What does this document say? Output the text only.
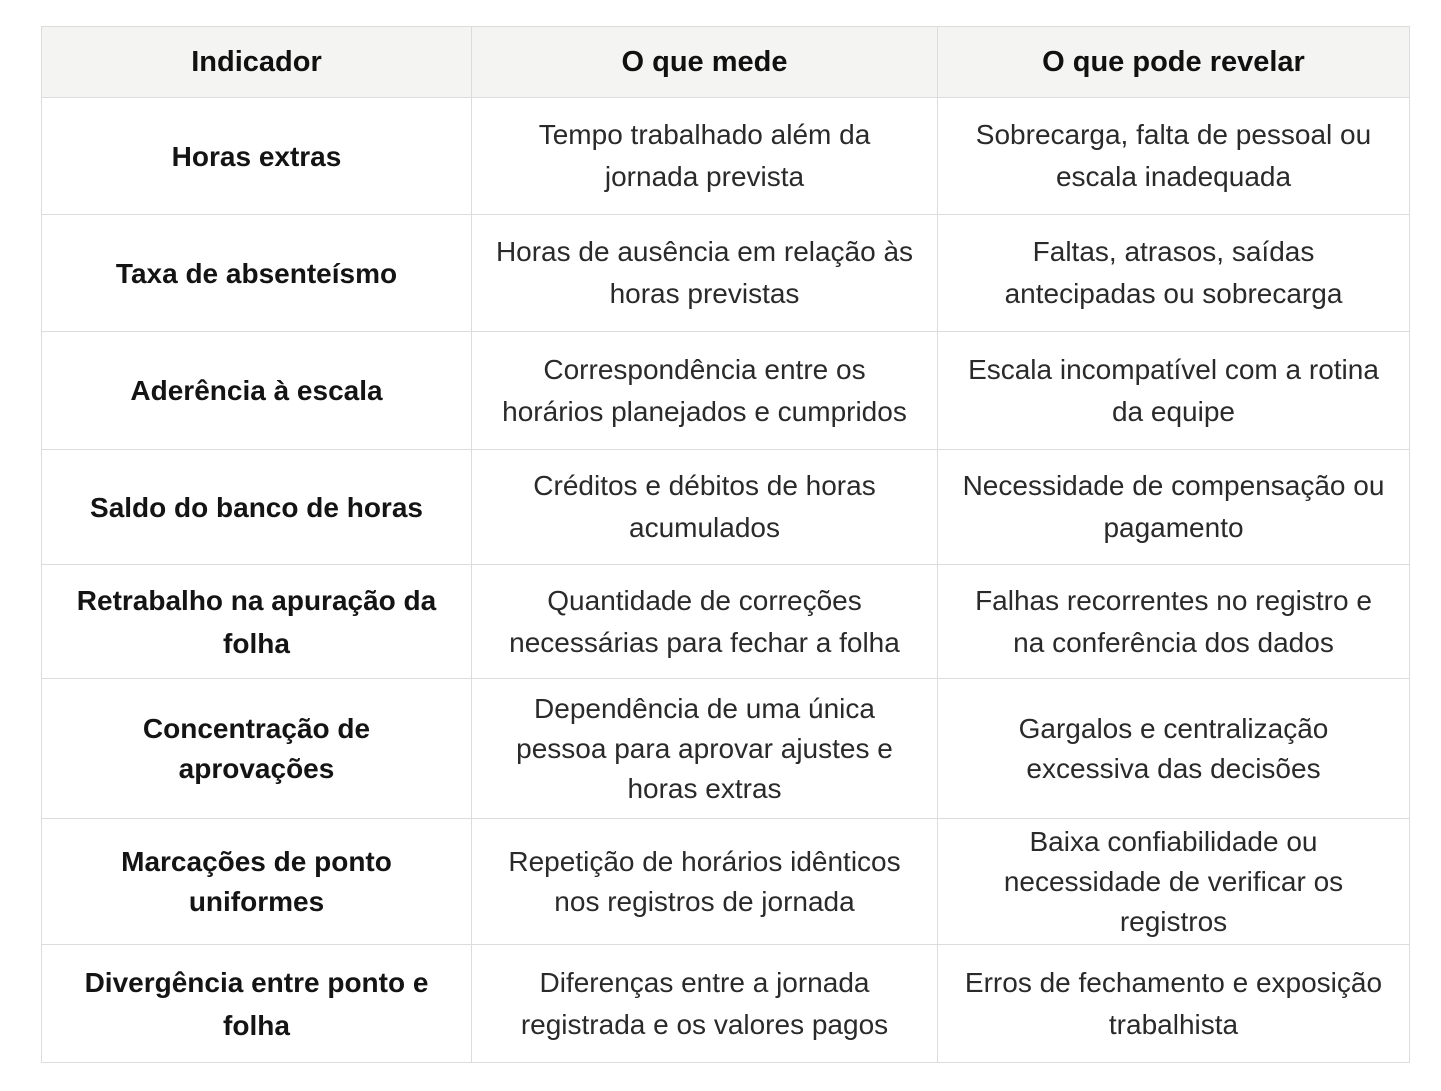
Indicador	O que mede	O que pode revelar
Horas extras	Tempo trabalhado além da jornada prevista	Sobrecarga, falta de pessoal ou escala inadequada
Taxa de absenteísmo	Horas de ausência em relação às horas previstas	Faltas, atrasos, saídas antecipadas ou sobrecarga
Aderência à escala	Correspondência entre os horários planejados e cumpridos	Escala incompatível com a rotina da equipe
Saldo do banco de horas	Créditos e débitos de horas acumulados	Necessidade de compensação ou pagamento
Retrabalho na apuração da folha	Quantidade de correções necessárias para fechar a folha	Falhas recorrentes no registro e na conferência dos dados
Concentração de aprovações	Dependência de uma única pessoa para aprovar ajustes e horas extras	Gargalos e centralização excessiva das decisões
Marcações de ponto uniformes	Repetição de horários idênticos nos registros de jornada	Baixa confiabilidade ou necessidade de verificar os registros
Divergência entre ponto e folha	Diferenças entre a jornada registrada e os valores pagos	Erros de fechamento e exposição trabalhista
